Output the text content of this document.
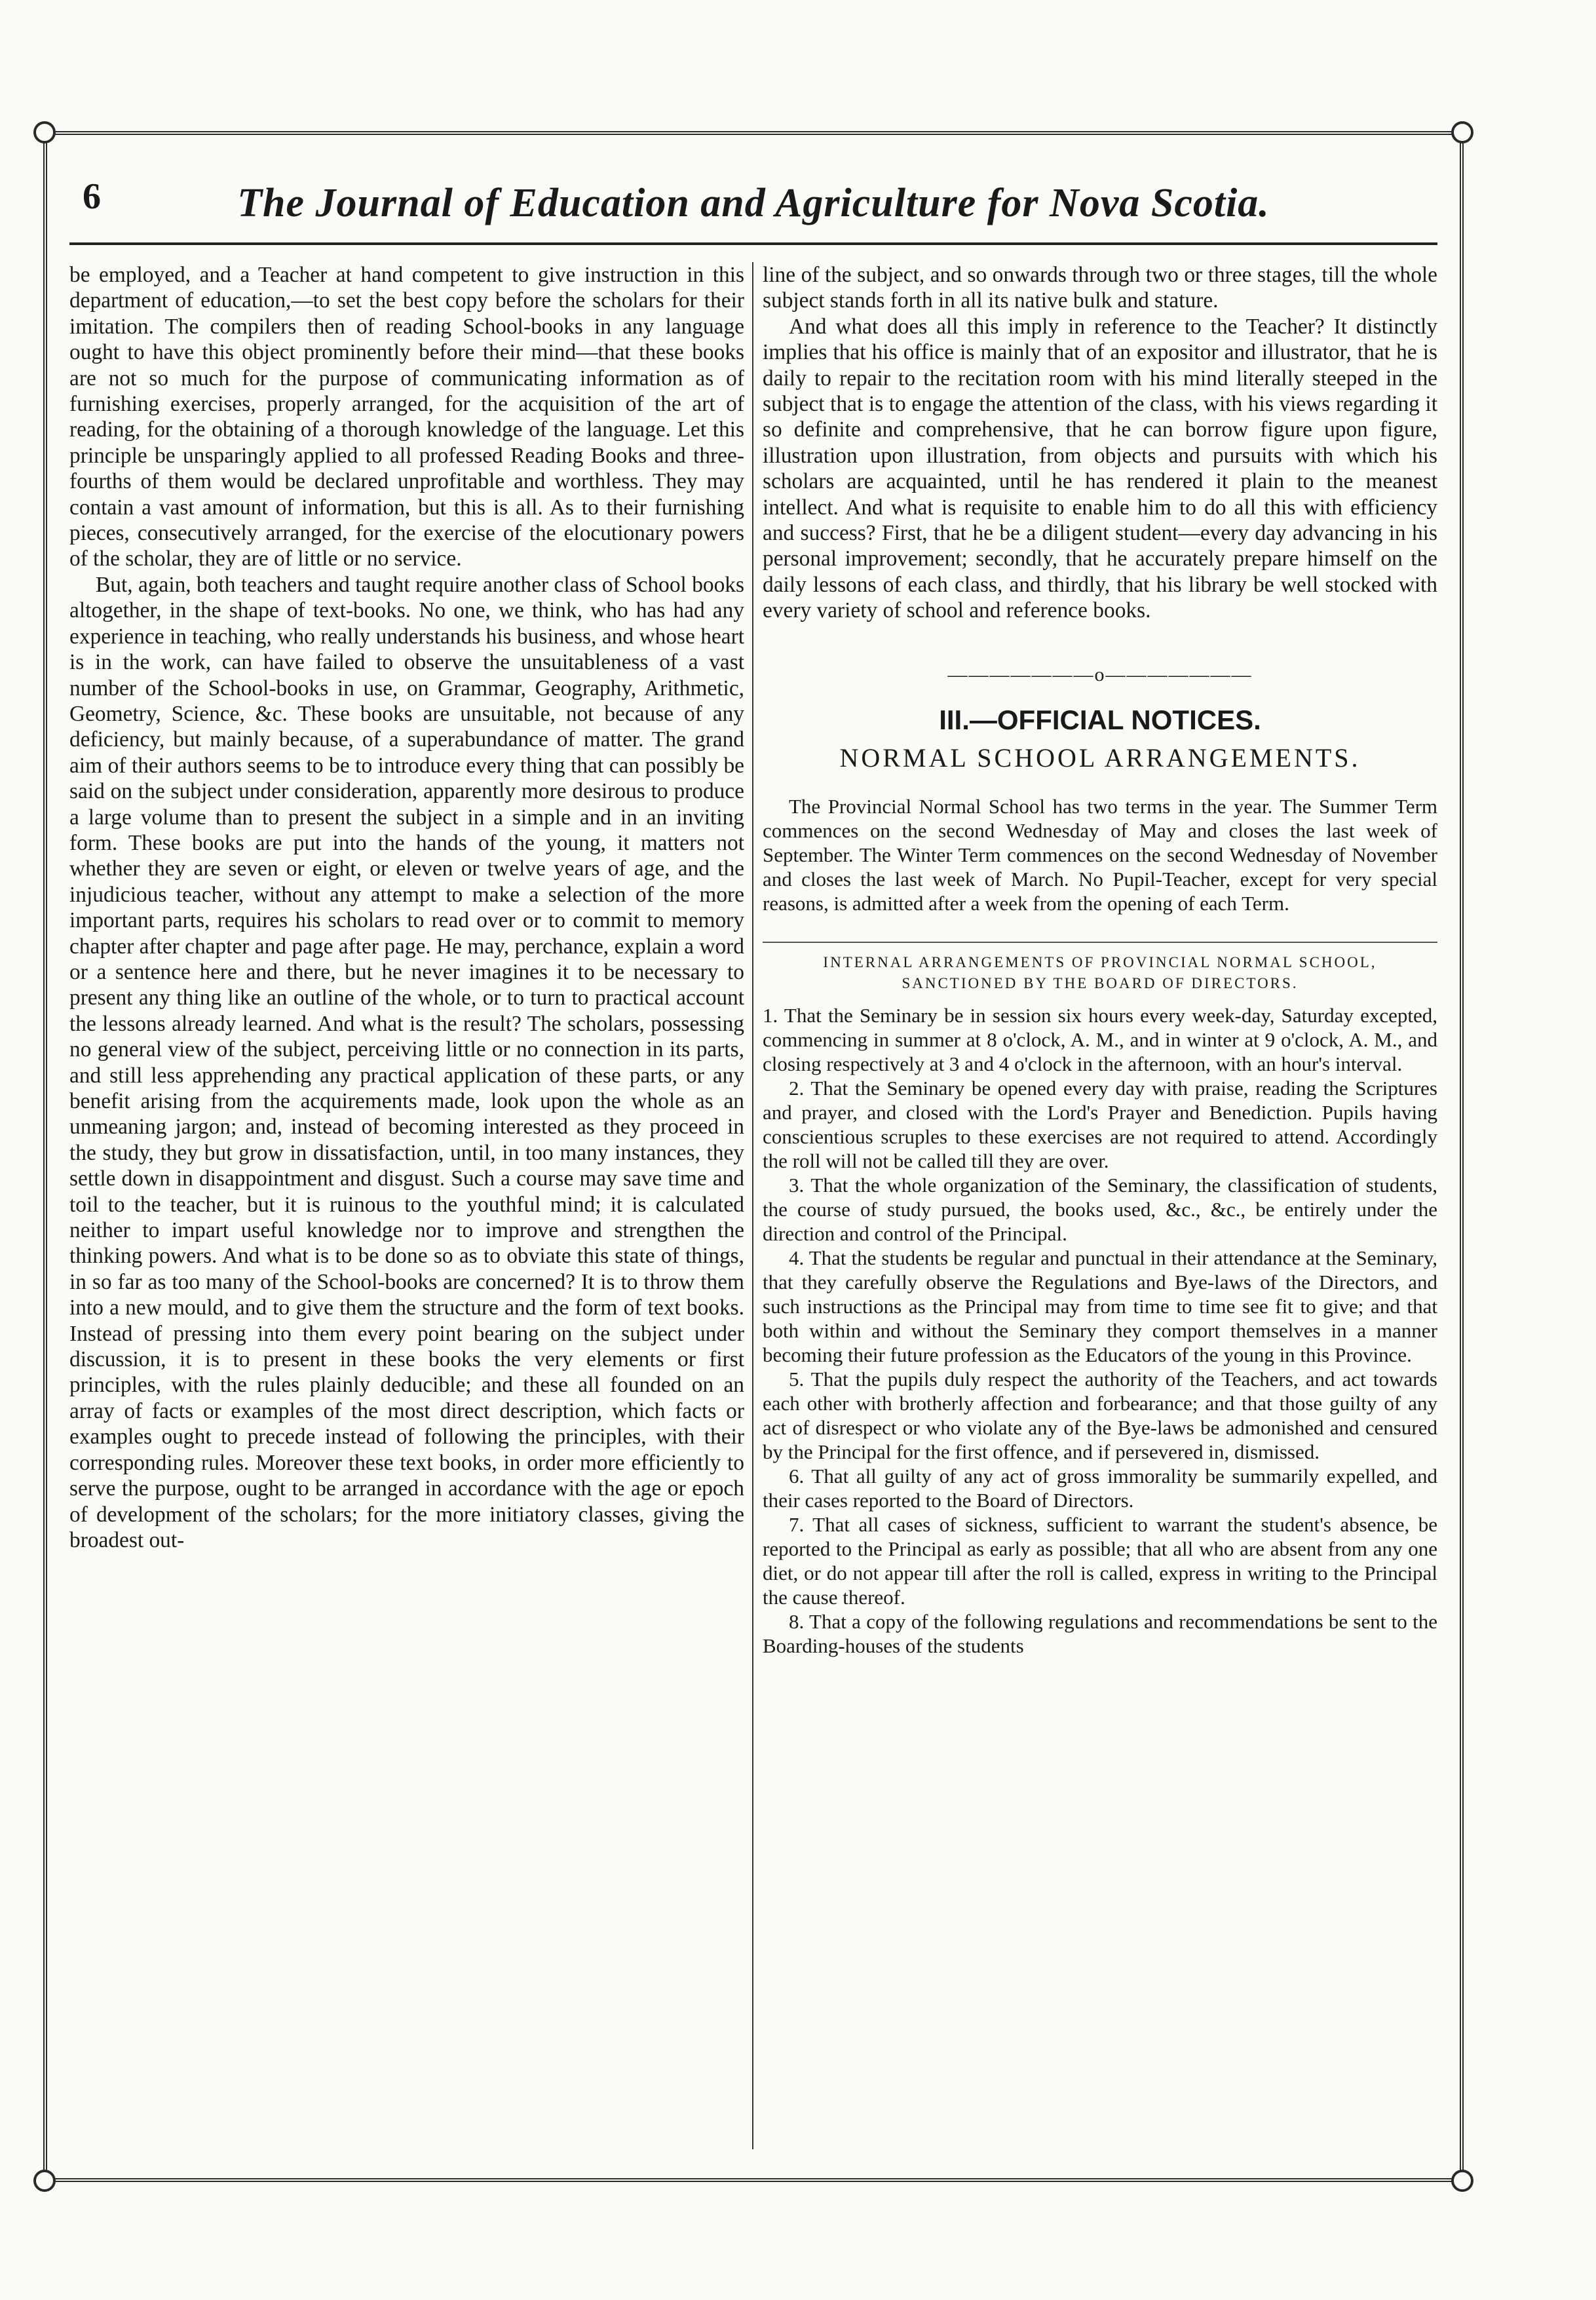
6	The Journal of Education and Agriculture for Nova Scotia.

be employed, and a Teacher at hand competent to give instruction in this department of education,—to set the best copy before the scholars for their imitation. The compilers then of reading School-books in any language ought to have this object prominently before their mind—that these books are not so much for the purpose of communicating information as of furnishing exercises, properly arranged, for the acquisition of the art of reading, for the obtaining of a thorough knowledge of the language. Let this principle be unsparingly applied to all professed Reading Books and three-fourths of them would be declared unprofitable and worthless. They may contain a vast amount of information, but this is all. As to their furnishing pieces, consecutively arranged, for the exercise of the elocutionary powers of the scholar, they are of little or no service.

But, again, both teachers and taught require another class of School books altogether, in the shape of text-books. No one, we think, who has had any experience in teaching, who really understands his business, and whose heart is in the work, can have failed to observe the unsuitableness of a vast number of the School-books in use, on Grammar, Geography, Arithmetic, Geometry, Science, &c. These books are unsuitable, not because of any deficiency, but mainly because, of a superabundance of matter. The grand aim of their authors seems to be to introduce every thing that can possibly be said on the subject under consideration, apparently more desirous to produce a large volume than to present the subject in a simple and in an inviting form. These books are put into the hands of the young, it matters not whether they are seven or eight, or eleven or twelve years of age, and the injudicious teacher, without any attempt to make a selection of the more important parts, requires his scholars to read over or to commit to memory chapter after chapter and page after page. He may, perchance, explain a word or a sentence here and there, but he never imagines it to be necessary to present any thing like an outline of the whole, or to turn to practical account the lessons already learned. And what is the result? The scholars, possessing no general view of the subject, perceiving little or no connection in its parts, and still less apprehending any practical application of these parts, or any benefit arising from the acquirements made, look upon the whole as an unmeaning jargon; and, instead of becoming interested as they proceed in the study, they but grow in dissatisfaction, until, in too many instances, they settle down in disappointment and disgust. Such a course may save time and toil to the teacher, but it is ruinous to the youthful mind; it is calculated neither to impart useful knowledge nor to improve and strengthen the thinking powers. And what is to be done so as to obviate this state of things, in so far as too many of the School-books are concerned? It is to throw them into a new mould, and to give them the structure and the form of text books. Instead of pressing into them every point bearing on the subject under discussion, it is to present in these books the very elements or first principles, with the rules plainly deducible; and these all founded on an array of facts or examples of the most direct description, which facts or examples ought to precede instead of following the principles, with their corresponding rules. Moreover these text books, in order more efficiently to serve the purpose, ought to be arranged in accordance with the age or epoch of development of the scholars; for the more initiatory classes, giving the broadest out-

line of the subject, and so onwards through two or three stages, till the whole subject stands forth in all its native bulk and stature.

And what does all this imply in reference to the Teacher? It distinctly implies that his office is mainly that of an expositor and illustrator, that he is daily to repair to the recitation room with his mind literally steeped in the subject that is to engage the attention of the class, with his views regarding it so definite and comprehensive, that he can borrow figure upon figure, illustration upon illustration, from objects and pursuits with which his scholars are acquainted, until he has rendered it plain to the meanest intellect. And what is requisite to enable him to do all this with efficiency and success? First, that he be a diligent student—every day advancing in his personal improvement; secondly, that he accurately prepare himself on the daily lessons of each class, and thirdly, that his library be well stocked with every variety of school and reference books.

———————o———————
III.—OFFICIAL NOTICES.
NORMAL SCHOOL ARRANGEMENTS.
The Provincial Normal School has two terms in the year. The Summer Term commences on the second Wednesday of May and closes the last week of September. The Winter Term commences on the second Wednesday of November and closes the last week of March. No Pupil-Teacher, except for very special reasons, is admitted after a week from the opening of each Term.
INTERNAL ARRANGEMENTS OF PROVINCIAL NORMAL SCHOOL, SANCTIONED BY THE BOARD OF DIRECTORS.

1. That the Seminary be in session six hours every week-day, Saturday excepted, commencing in summer at 8 o'clock, A. M., and in winter at 9 o'clock, A. M., and closing respectively at 3 and 4 o'clock in the afternoon, with an hour's interval.

2. That the Seminary be opened every day with praise, reading the Scriptures and prayer, and closed with the Lord's Prayer and Benediction. Pupils having conscientious scruples to these exercises are not required to attend. Accordingly the roll will not be called till they are over.

3. That the whole organization of the Seminary, the classification of students, the course of study pursued, the books used, &c., &c., be entirely under the direction and control of the Principal.

4. That the students be regular and punctual in their attendance at the Seminary, that they carefully observe the Regulations and Bye-laws of the Directors, and such instructions as the Principal may from time to time see fit to give; and that both within and without the Seminary they comport themselves in a manner becoming their future profession as the Educators of the young in this Province.

5. That the pupils duly respect the authority of the Teachers, and act towards each other with brotherly affection and forbearance; and that those guilty of any act of disrespect or who violate any of the Bye-laws be admonished and censured by the Principal for the first offence, and if persevered in, dismissed.

6. That all guilty of any act of gross immorality be summarily expelled, and their cases reported to the Board of Directors.

7. That all cases of sickness, sufficient to warrant the student's absence, be reported to the Principal as early as possible; that all who are absent from any one diet, or do not appear till after the roll is called, express in writing to the Principal the cause thereof.

8. That a copy of the following regulations and recommendations be sent to the Boarding-houses of the students
